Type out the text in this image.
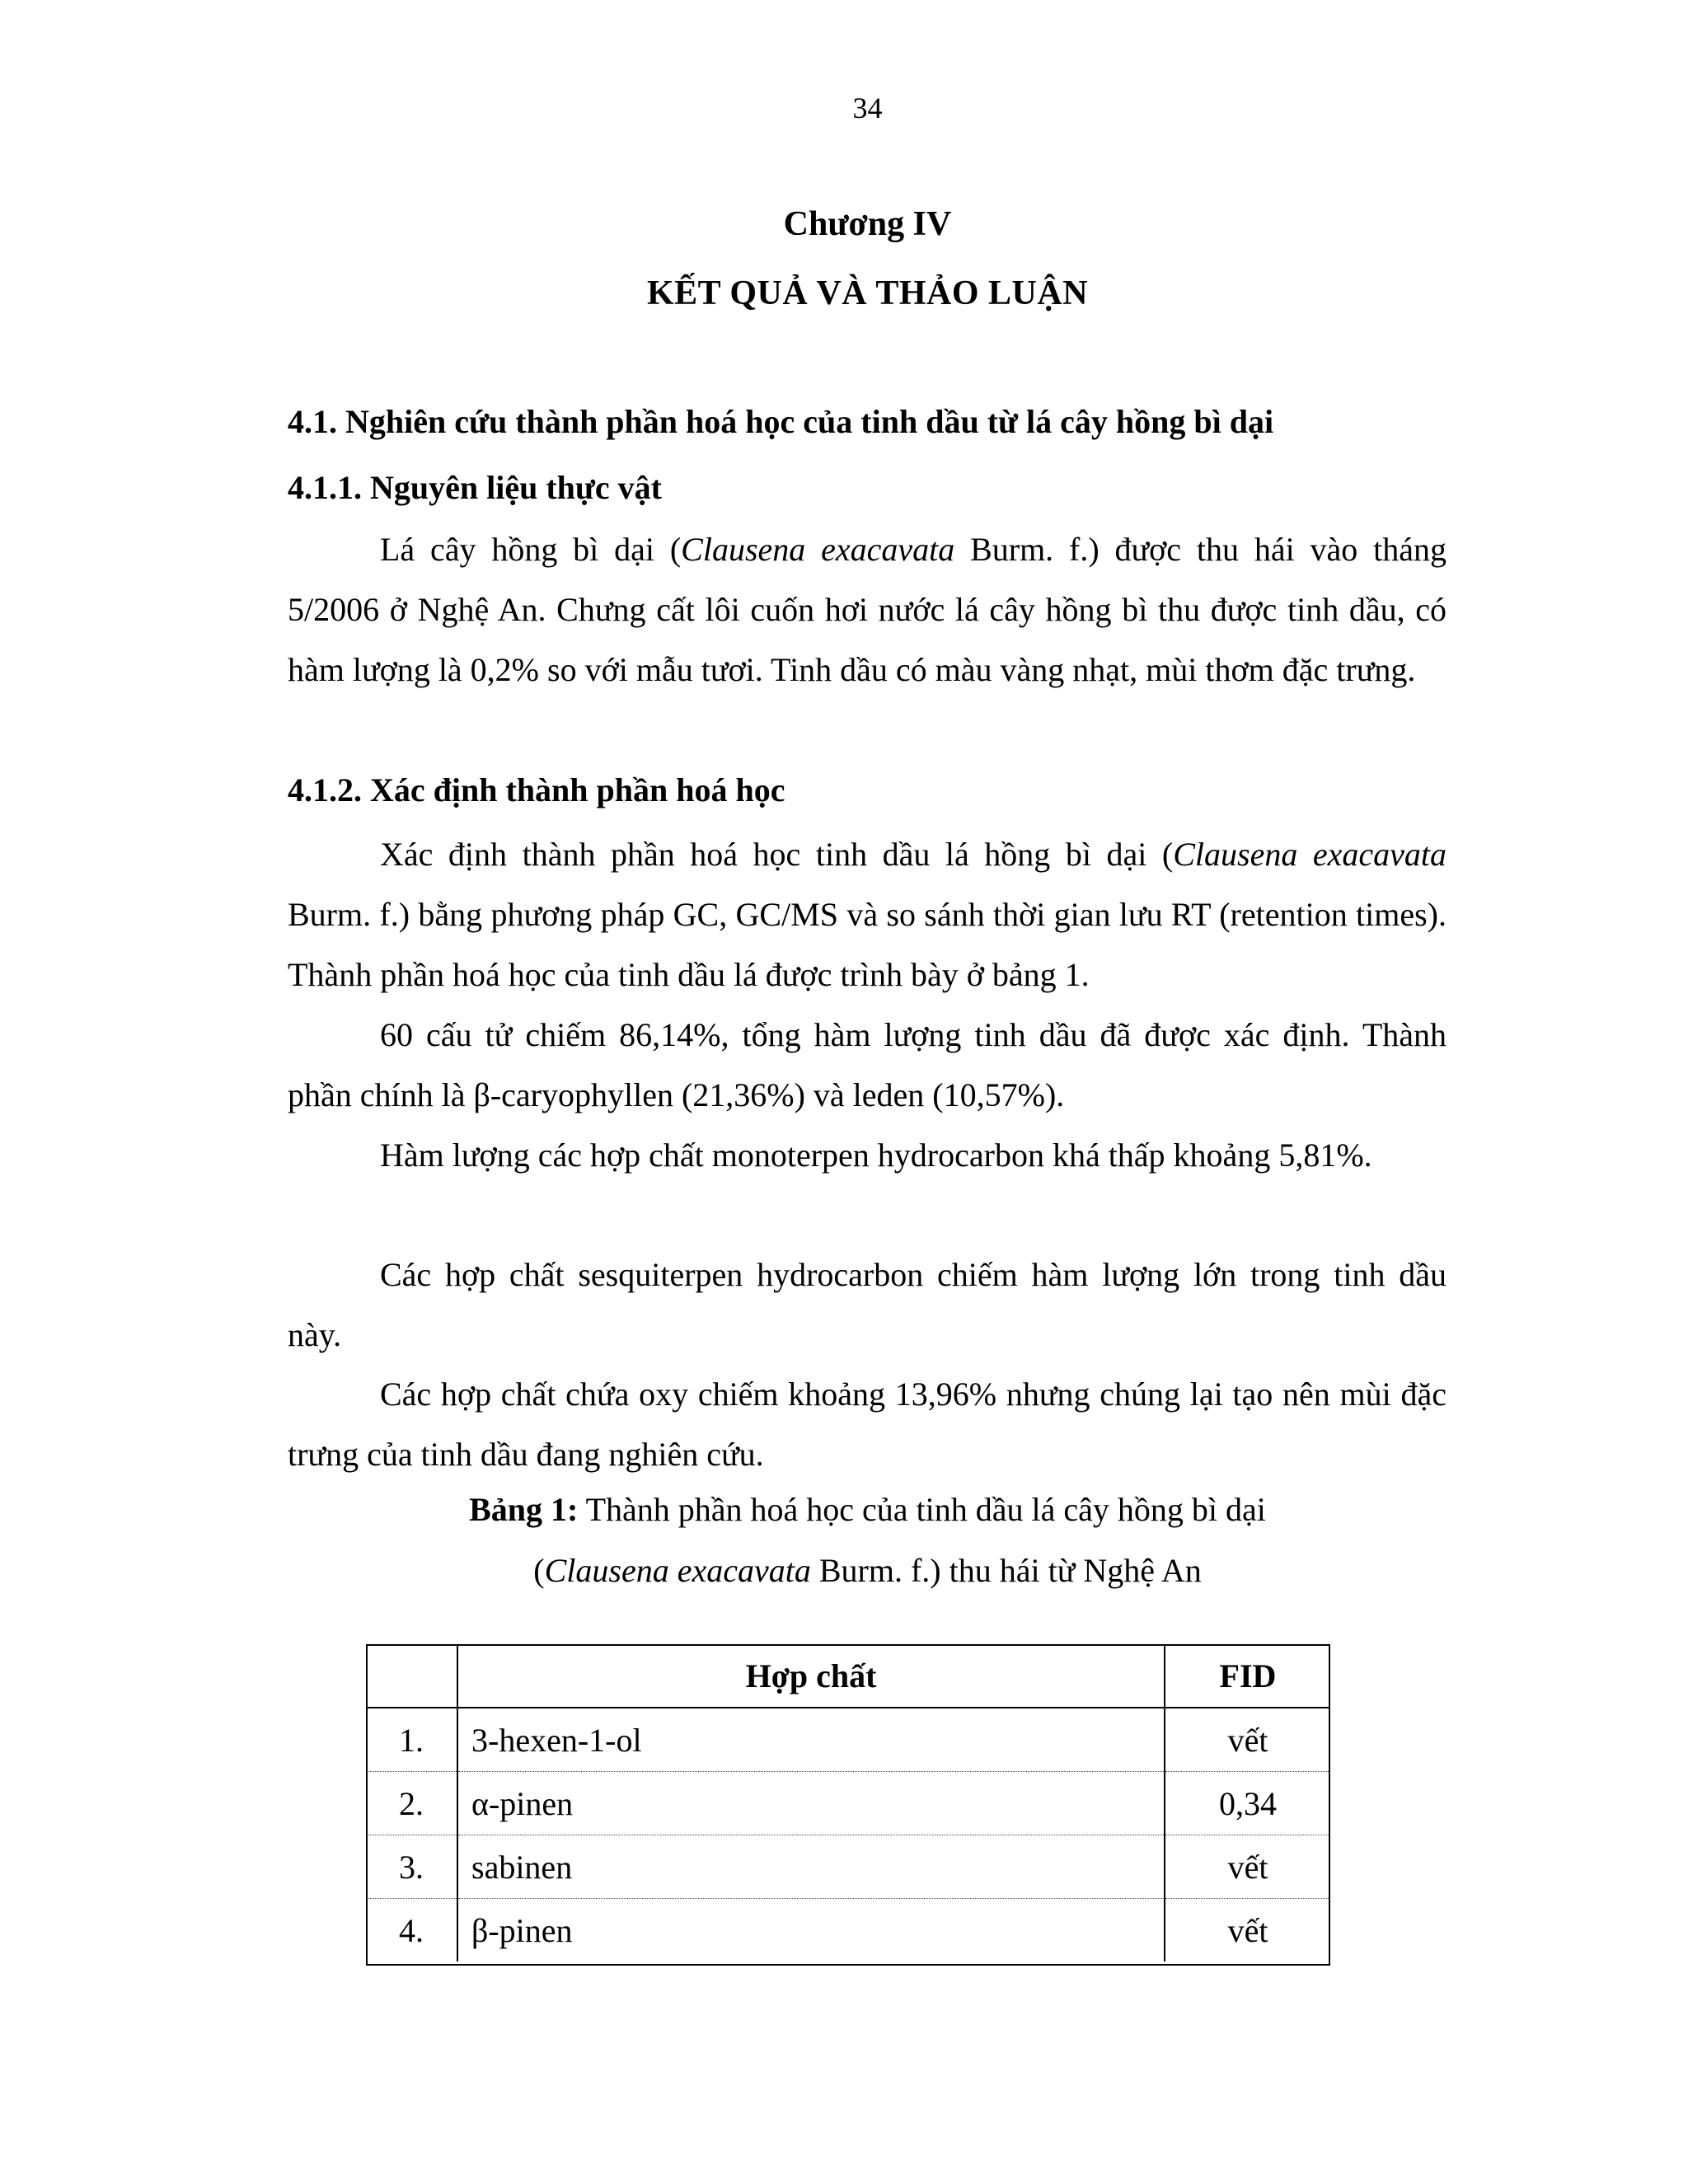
34
Chương IV
KẾT QUẢ VÀ THẢO LUẬN
4.1. Nghiên cứu thành phần hoá học của tinh dầu từ lá cây hồng bì dại
4.1.1. Nguyên liệu thực vật
Lá cây hồng bì dại (Clausena exacavata Burm. f.) được thu hái vào tháng 5/2006 ở Nghệ An. Chưng cất lôi cuốn hơi nước lá cây hồng bì thu được tinh dầu, có hàm lượng là 0,2% so với mẫu tươi. Tinh dầu có màu vàng nhạt, mùi thơm đặc trưng.
4.1.2. Xác định thành phần hoá học
Xác định thành phần hoá học tinh dầu lá hồng bì dại (Clausena exacavata Burm. f.) bằng phương pháp GC, GC/MS và so sánh thời gian lưu RT (retention times). Thành phần hoá học của tinh dầu lá được trình bày ở bảng 1.
60 cấu tử chiếm 86,14%, tổng hàm lượng tinh dầu đã được xác định. Thành phần chính là β-caryophyllen (21,36%) và leden (10,57%).
Hàm lượng các hợp chất monoterpen hydrocarbon khá thấp khoảng 5,81%.
Các hợp chất sesquiterpen hydrocarbon chiếm hàm lượng lớn trong tinh dầu này.
Các hợp chất chứa oxy chiếm khoảng 13,96% nhưng chúng lại tạo nên mùi đặc trưng của tinh dầu đang nghiên cứu.
Bảng 1: Thành phần hoá học của tinh dầu lá cây hồng bì dại
(Clausena exacavata Burm. f.) thu hái từ Nghệ An
	Hợp chất	FID
1.	3-hexen-1-ol	vết
2.	α-pinen	0,34
3.	sabinen	vết
4.	β-pinen	vết
